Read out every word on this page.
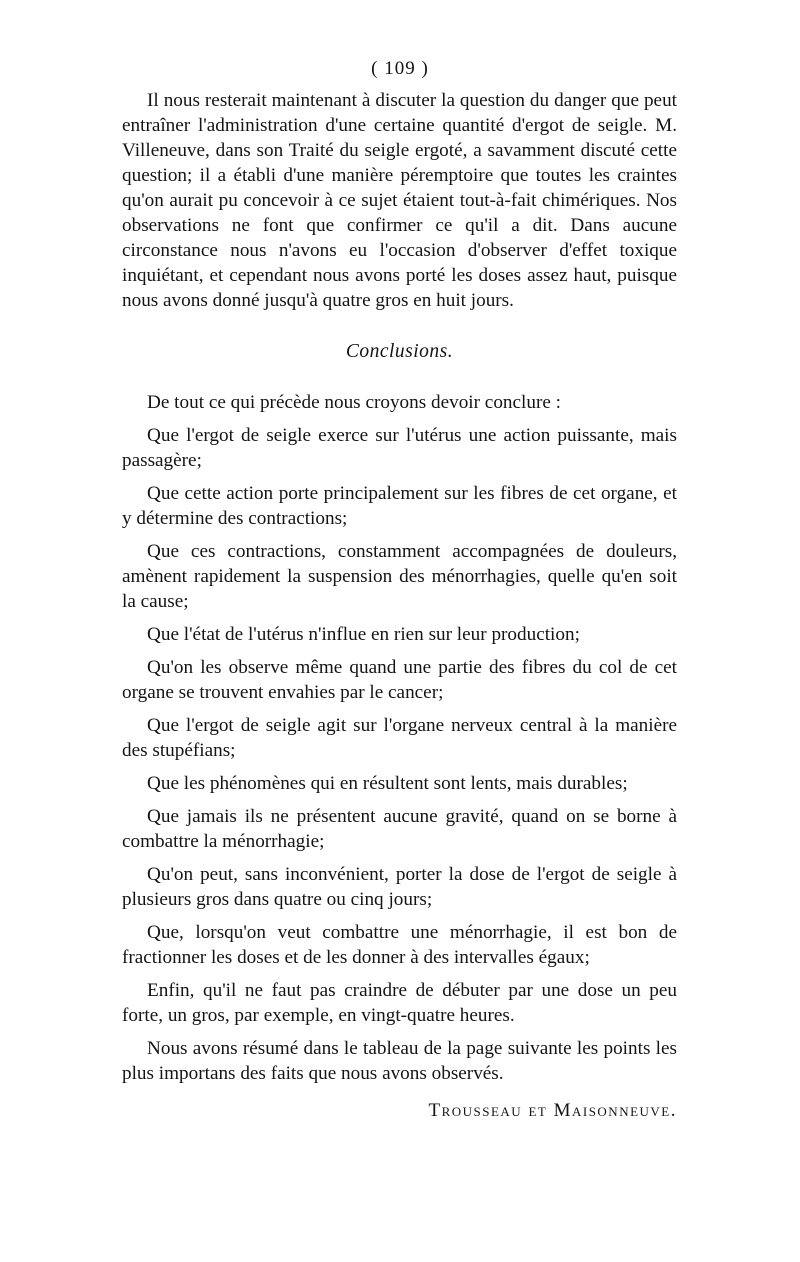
( 109 )

Il nous resterait maintenant à discuter la question du danger que peut entraîner l'administration d'une certaine quantité d'ergot de seigle. M. Villeneuve, dans son Traité du seigle ergoté, a savamment discuté cette question; il a établi d'une manière péremptoire que toutes les craintes qu'on aurait pu concevoir à ce sujet étaient tout-à-fait chimériques. Nos observations ne font que confirmer ce qu'il a dit. Dans aucune circonstance nous n'avons eu l'occasion d'observer d'effet toxique inquiétant, et cependant nous avons porté les doses assez haut, puisque nous avons donné jusqu'à quatre gros en huit jours.

Conclusions.

De tout ce qui précède nous croyons devoir conclure :

Que l'ergot de seigle exerce sur l'utérus une action puissante, mais passagère;

Que cette action porte principalement sur les fibres de cet organe, et y détermine des contractions;

Que ces contractions, constamment accompagnées de douleurs, amènent rapidement la suspension des ménorrhagies, quelle qu'en soit la cause;

Que l'état de l'utérus n'influe en rien sur leur production;

Qu'on les observe même quand une partie des fibres du col de cet organe se trouvent envahies par le cancer;

Que l'ergot de seigle agit sur l'organe nerveux central à la manière des stupéfians;

Que les phénomènes qui en résultent sont lents, mais durables;

Que jamais ils ne présentent aucune gravité, quand on se borne à combattre la ménorrhagie;

Qu'on peut, sans inconvénient, porter la dose de l'ergot de seigle à plusieurs gros dans quatre ou cinq jours;

Que, lorsqu'on veut combattre une ménorrhagie, il est bon de fractionner les doses et de les donner à des intervalles égaux;

Enfin, qu'il ne faut pas craindre de débuter par une dose un peu forte, un gros, par exemple, en vingt-quatre heures.

Nous avons résumé dans le tableau de la page suivante les points les plus importans des faits que nous avons observés.

Trousseau et Maisonneuve.
